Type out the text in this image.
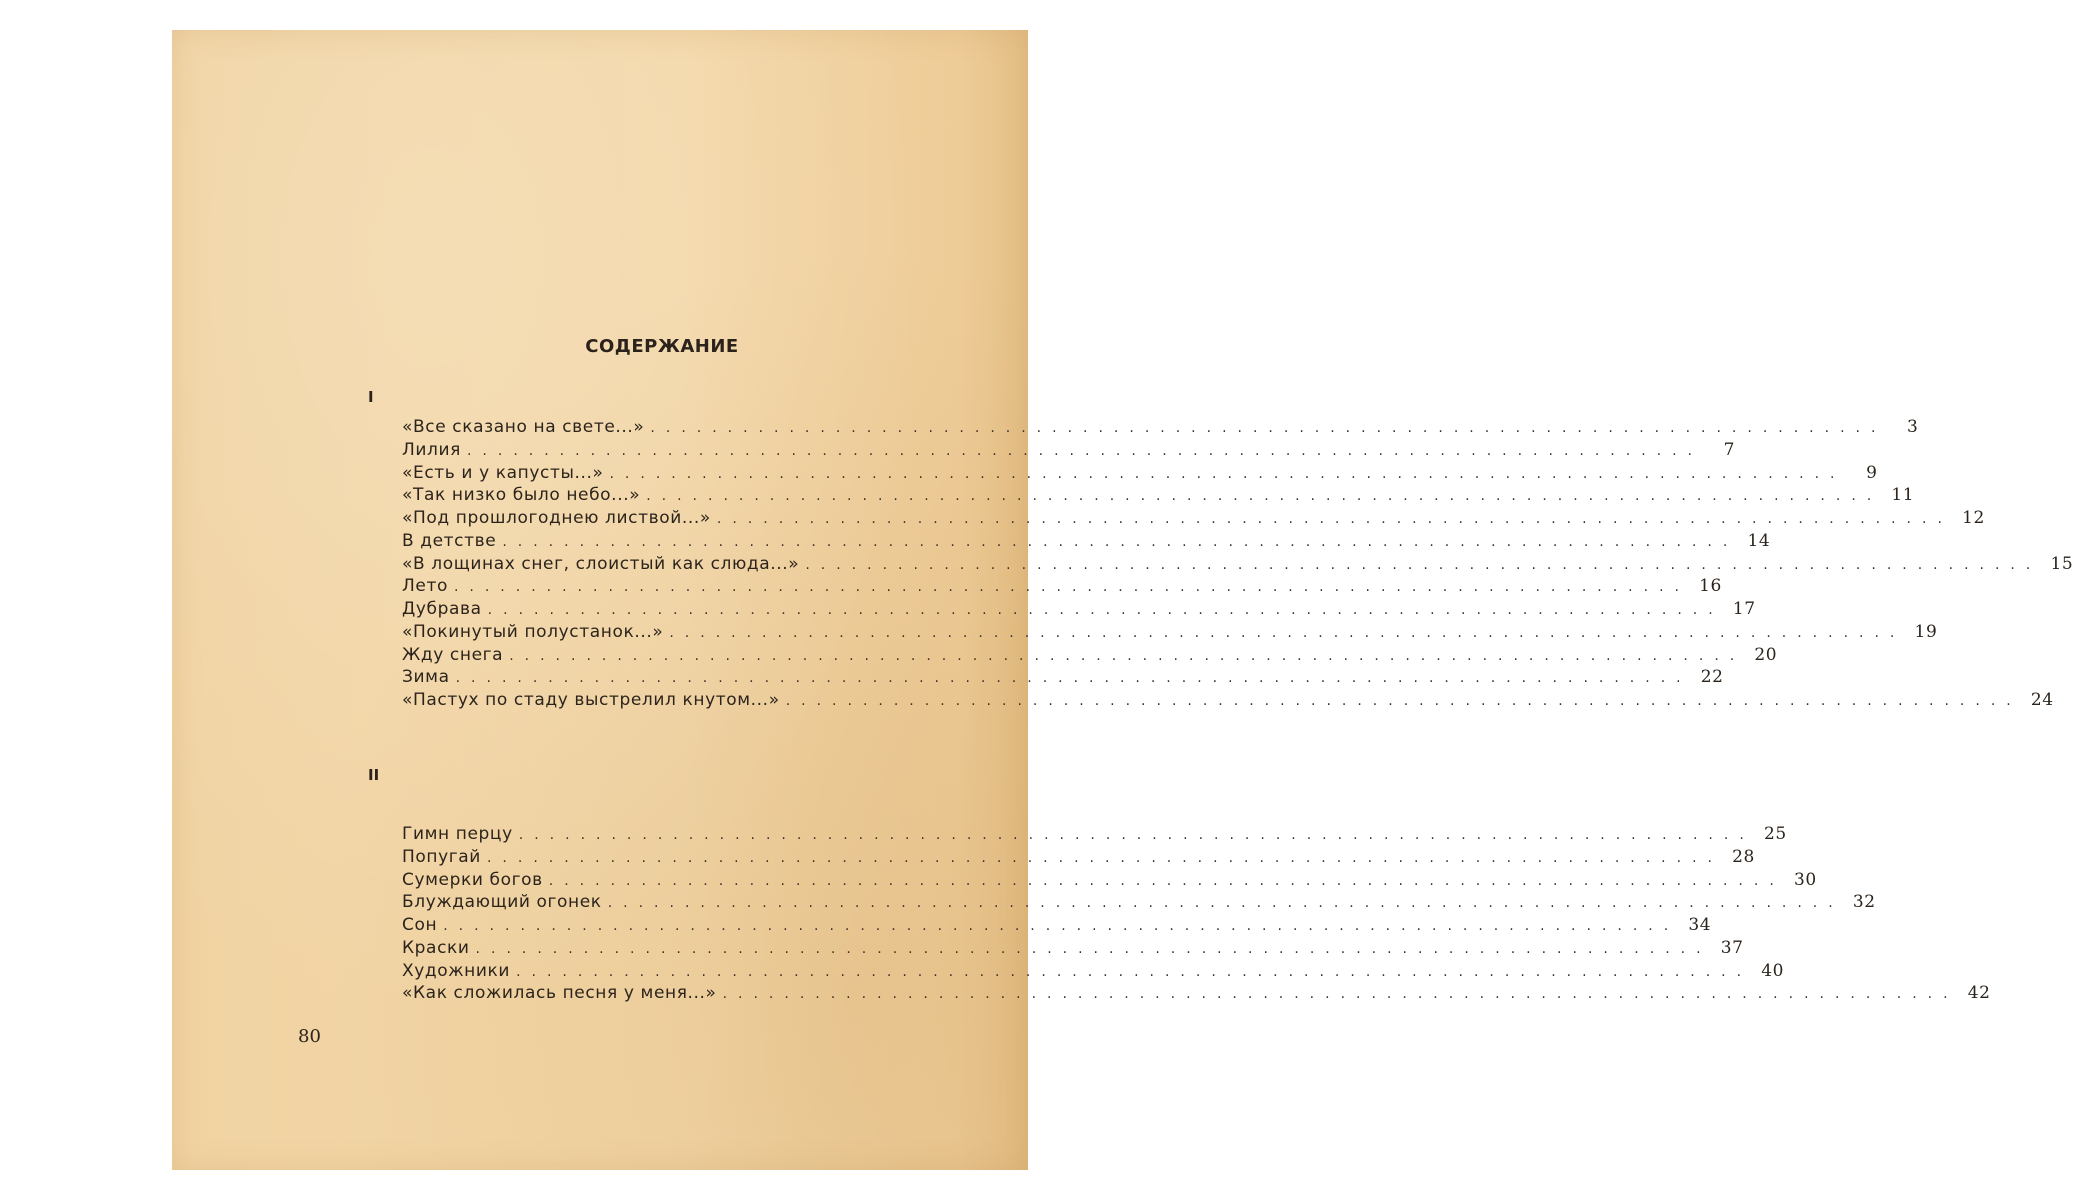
СОДЕРЖАНИЕ
I
«Все сказано на свете...» ................................................................................	3
Лилия ................................................................................	7
«Есть и у капусты...» ................................................................................	9
«Так низко было небо...» ................................................................................ 11
«Под прошлогоднею листвой...» ................................................................................ 12
В детстве ................................................................................ 14
«В лощинах снег, слоистый как слюда...» ................................................................................ 15
Лето ................................................................................ 16
Дубрава ................................................................................ 17
«Покинутый полустанок...» ................................................................................ 19
Жду снега ................................................................................ 20
Зима ................................................................................ 22
«Пастух по стаду выстрелил кнутом...» ................................................................................ 24
II
Гимн перцу ................................................................................ 25
Попугай ................................................................................ 28
Сумерки богов ................................................................................ 30
Блуждающий огонек ................................................................................ 32
Сон ................................................................................ 34
Краски ................................................................................ 37
Художники ................................................................................ 40
«Как сложилась песня у меня...» ................................................................................ 42
80
